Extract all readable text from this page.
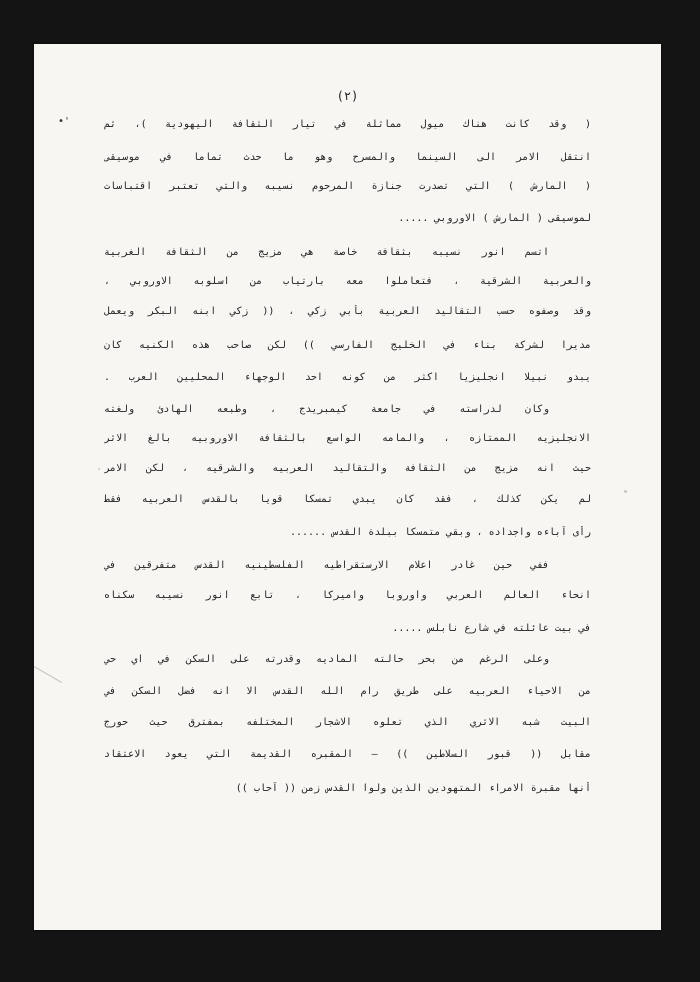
(٢)
•'	( وقد كانت هناك ميول مماثلة في تيار الثقافة اليهودية )، ثم
انتقل الامر الى السينما والمسرح وهو ما حدث تماما في موسيقى
( المارش ) التي تصدرت جنازة المرحوم نسيبه والتي تعتبر اقتباسات
لموسيقى ( المارش ) الاوروبي .....
اتسم انور نسيبه بثقافة خاصة هي مزيج من الثقافة الغربية
والعربية الشرقية ، فتعاملوا معه بارتياب من اسلوبه الاوروبي ،
وقد وصفوه حسب التقاليد العربية بأبي زكي ، (( زكي ابنه البكر ويعمل
مديرا لشركة بناء في الخليج الفارسي )) لكن صاحب هذه الكنيه كان
يبدو نبيلا انجليزيا اكثر من كونه احد الوجهاء المحليين العرب .
وكان لدراسته في جامعة كيمبريدج ، وطبعه الهادئ ولغته
الانجليزيه الممتازه ، والمامه الواسع بالثقافة الاوروبيه بالغ الاثر
حيث انه مزيج من الثقافة والتقاليد العربيه والشرقيه ، لكن الامر
لم يكن كذلك ، فقد كان يبدي تمسكا قويا بالقدس العربيه فقط
رأى آباءه واجداده ، وبقي متمسكا ببلدة القدس ......
ففي حين غادر اعلام الارستقراطيه الفلسطينيه القدس متفرقين في
انحاء العالم العربي واوروبا واميركا ، تابع انور نسيبه سكناه
في بيت عائلته في شارع نابلس .....
وعلى الرغم من بحر حالته الماديه وقدرته على السكن في اي حي
من الاحياء العربيه على طريق رام الله القدس الا انه فضل السكن في
البيت شبه الاثري الذي تعلوه الاشجار المختلفه بمفترق حيث حورج
مقابل (( قبور السلاطين )) – المقبره القديمة التي يعود الاعتقاد
أنها مقبرة الامراء المتهودين الذين ولوا القدس زمن (( آحاب ))
